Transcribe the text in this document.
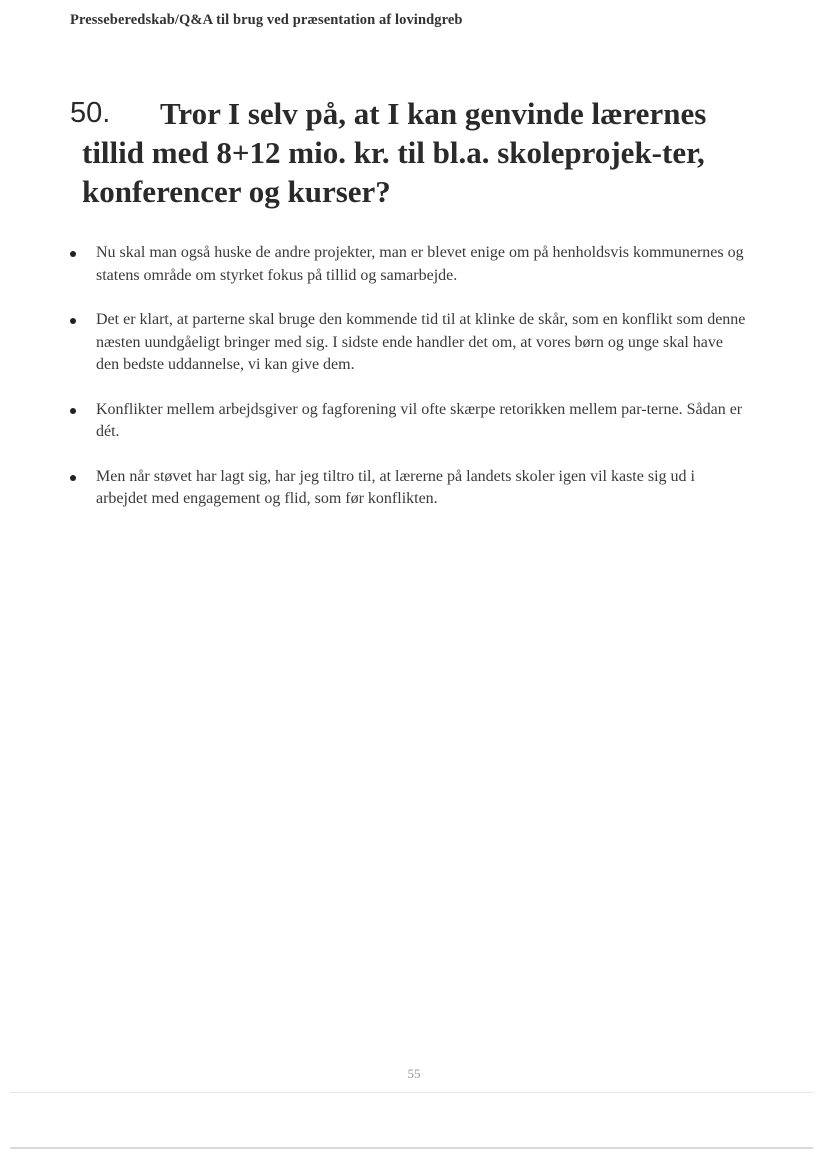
Presseberedskab/Q&A til brug ved præsentation af lovindgreb
50.	Tror I selv på, at I kan genvinde lærernes tillid med 8+12 mio. kr. til bl.a. skoleprojek-ter, konferencer og kurser?
Nu skal man også huske de andre projekter, man er blevet enige om på henholdsvis kommunernes og statens område om styrket fokus på tillid og samarbejde.
Det er klart, at parterne skal bruge den kommende tid til at klinke de skår, som en konflikt som denne næsten uundgåeligt bringer med sig. I sidste ende handler det om, at vores børn og unge skal have den bedste uddannelse, vi kan give dem.
Konflikter mellem arbejdsgiver og fagforening vil ofte skærpe retorikken mellem par-terne. Sådan er dét.
Men når støvet har lagt sig, har jeg tiltro til, at lærerne på landets skoler igen vil kaste sig ud i arbejdet med engagement og flid, som før konflikten.
55
